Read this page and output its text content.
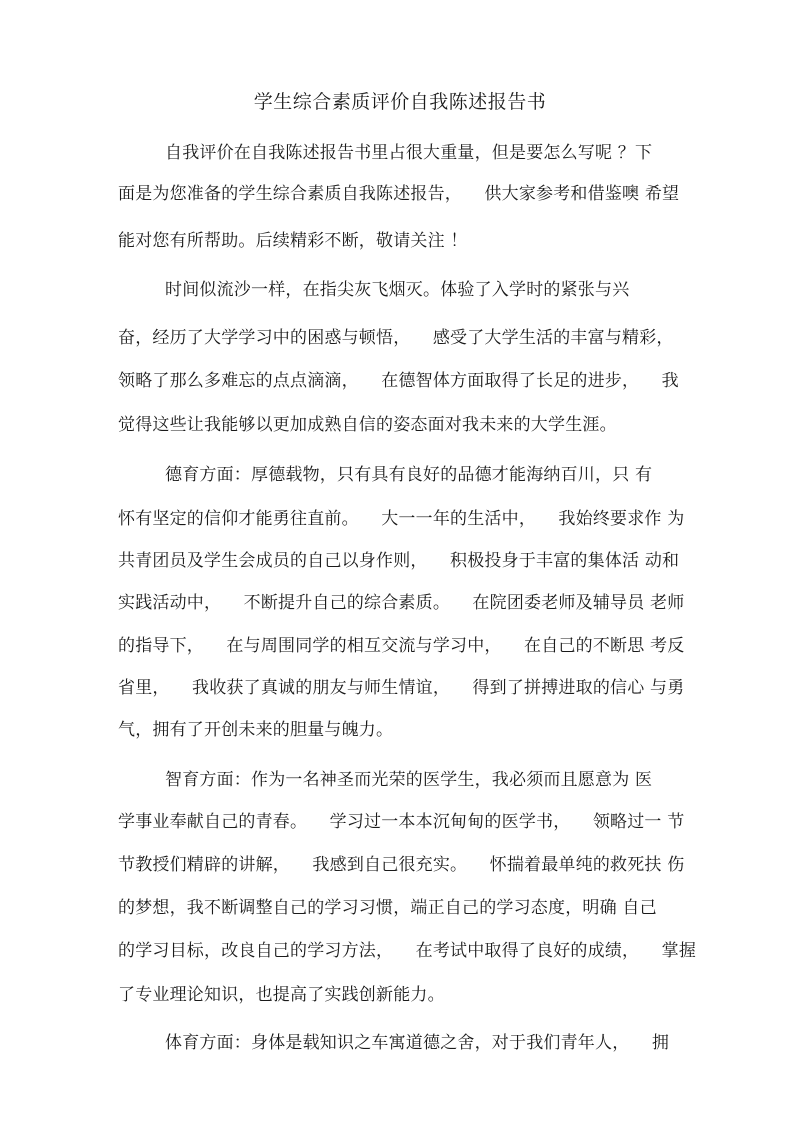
学生综合素质评价自我陈述报告书
自我评价在自我陈述报告书里占很大重量，但是要怎么写呢 ？下
面是为您准备的学生综合素质自我陈述报告，    供大家参考和借鉴噢 希望
能对您有所帮助。后续精彩不断，敬请关注 ！
时间似流沙一样，在指尖灰飞烟灭。体验了入学时的紧张与兴
奋，经历了大学学习中的困惑与顿悟，    感受了大学生活的丰富与精彩，
领略了那么多难忘的点点滴滴，    在德智体方面取得了长足的进步，    我
觉得这些让我能够以更加成熟自信的姿态面对我未来的大学生涯。
德育方面：厚德载物，只有具有良好的品德才能海纳百川，只 有
怀有坚定的信仰才能勇往直前。    大一一年的生活中，    我始终要求作 为
共青团员及学生会成员的自己以身作则，    积极投身于丰富的集体活 动和
实践活动中，    不断提升自己的综合素质。    在院团委老师及辅导员 老师
的指导下，    在与周围同学的相互交流与学习中，    在自己的不断思 考反
省里，    我收获了真诚的朋友与师生情谊，    得到了拼搏进取的信心 与勇
气，拥有了开创未来的胆量与魄力。
智育方面：作为一名神圣而光荣的医学生，我必须而且愿意为 医
学事业奉献自己的青春。    学习过一本本沉甸甸的医学书，    领略过一 节
节教授们精辟的讲解，    我感到自己很充实。    怀揣着最单纯的救死扶 伤
的梦想，我不断调整自己的学习习惯，端正自己的学习态度，明确 自己
的学习目标，改良自己的学习方法，    在考试中取得了良好的成绩，    掌握
了专业理论知识，也提高了实践创新能力。
体育方面：身体是载知识之车寓道德之舍，对于我们青年人，    拥
